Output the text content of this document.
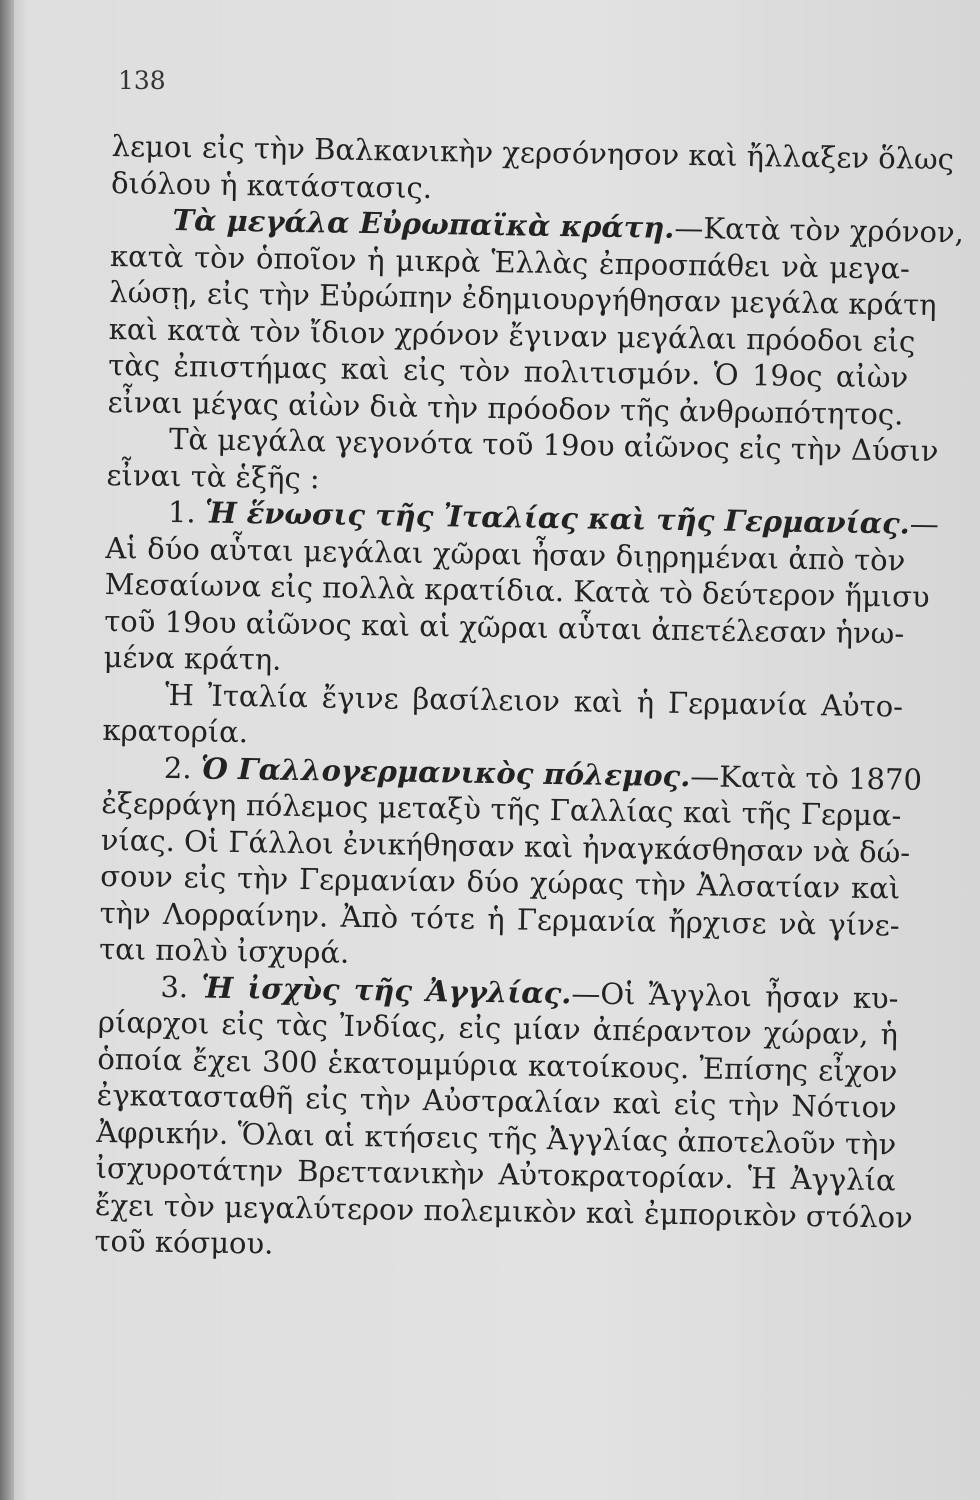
138
λεμοι εἰς τὴν Βαλκανικὴν χερσόνησον καὶ ἤλλαξεν ὅλως
διόλου ἡ κατάστασις.
Τὰ μεγάλα Εὐρωπαϊκὰ κράτη.—Κατὰ τὸν χρόνον,
κατὰ τὸν ὁποῖον ἡ μικρὰ Ἑλλὰς ἐπροσπάθει νὰ μεγα-
λώσῃ, εἰς τὴν Εὐρώπην ἐδημιουργήθησαν μεγάλα κράτη
καὶ κατὰ τὸν ἴδιον χρόνον ἔγιναν μεγάλαι πρόοδοι εἰς
τὰς ἐπιστήμας καὶ εἰς τὸν πολιτισμόν. Ὁ 19ος αἰὼν
εἶναι μέγας αἰὼν διὰ τὴν πρόοδον τῆς ἀνθρωπότητος.
Τὰ μεγάλα γεγονότα τοῦ 19ου αἰῶνος εἰς τὴν Δύσιν
εἶναι τὰ ἑξῆς :
1. Ἡ ἕνωσις τῆς Ἰταλίας καὶ τῆς Γερμανίας.—
Αἱ δύο αὗται μεγάλαι χῶραι ἦσαν διῃρημέναι ἀπὸ τὸν
Μεσαίωνα εἰς πολλὰ κρατίδια. Κατὰ τὸ δεύτερον ἥμισυ
τοῦ 19ου αἰῶνος καὶ αἱ χῶραι αὗται ἀπετέλεσαν ἡνω-
μένα κράτη.
Ἡ Ἰταλία ἔγινε βασίλειον καὶ ἡ Γερμανία Αὐτο-
κρατορία.
2. Ὁ Γαλλογερμανικὸς πόλεμος.—Κατὰ τὸ 1870
ἐξερράγη πόλεμος μεταξὺ τῆς Γαλλίας καὶ τῆς Γερμα-
νίας. Οἱ Γάλλοι ἐνικήθησαν καὶ ἠναγκάσθησαν νὰ δώ-
σουν εἰς τὴν Γερμανίαν δύο χώρας τὴν Ἀλσατίαν καὶ
τὴν Λορραίνην. Ἀπὸ τότε ἡ Γερμανία ἤρχισε νὰ γίνε-
ται πολὺ ἰσχυρά.
3. Ἡ ἰσχὺς τῆς Ἀγγλίας.—Οἱ Ἄγγλοι ἦσαν κυ-
ρίαρχοι εἰς τὰς Ἰνδίας, εἰς μίαν ἀπέραντον χώραν, ἡ
ὁποία ἔχει 300 ἑκατομμύρια κατοίκους. Ἐπίσης εἶχον
ἐγκατασταθῆ εἰς τὴν Αὐστραλίαν καὶ εἰς τὴν Νότιον
Ἀφρικήν. Ὅλαι αἱ κτήσεις τῆς Ἀγγλίας ἀποτελοῦν τὴν
ἰσχυροτάτην Βρεττανικὴν Αὐτοκρατορίαν. Ἡ Ἀγγλία
ἔχει τὸν μεγαλύτερον πολεμικὸν καὶ ἐμπορικὸν στόλον
τοῦ κόσμου.
